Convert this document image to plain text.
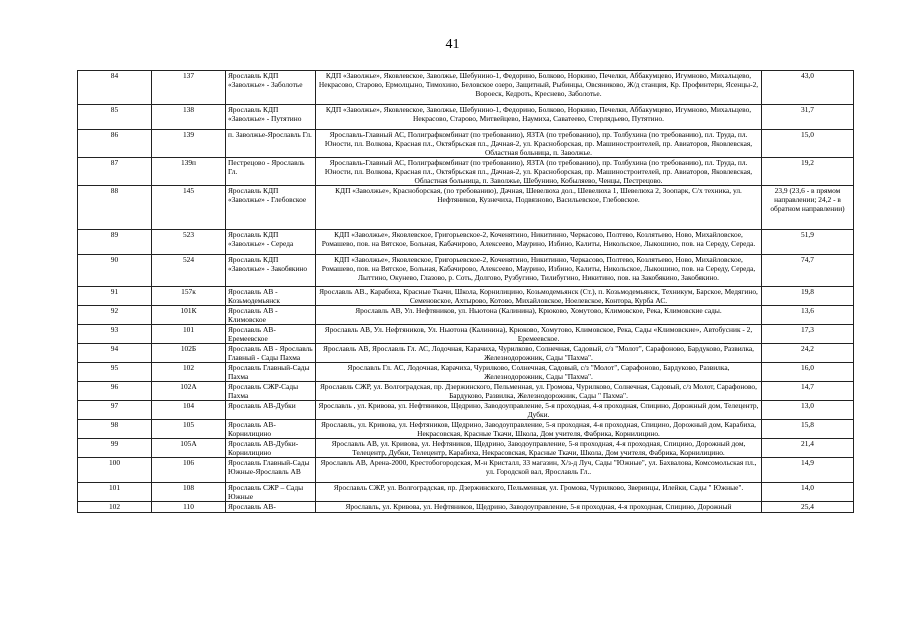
41
84	137	Ярославль КДП «Заволжье» - Заболотье	КДП «Заволжье», Яковлевское, Заволжье, Шебунино-1, Федорино, Болково, Норкино, Печелки, Аббакумцево, Игумново, Михальцево, Некрасово, Старово, Ермолцыно, Тимохино, Беловское озеро, Защитный, Рыбинцы, Овсяниково, Ж/д станция, Кр. Профинтерн, Ясенцы-2, Вороеск, Кедроть, Креснево, Заболотье.	43,0
85	138	Ярославль КДП «Заволжье» - Путятино	КДП «Заволжье», Яковлевское, Заволжье, Шебунино-1, Федорино, Болково, Норкино, Печелки, Аббакумцево, Игумново, Михальцево, Некрасово, Старово, Митвейцево, Наумиха, Саватеево, Стерлядьево, Путятино.	31,7
86	139	п. Заволжье-Ярославль Гл.	Ярославль-Главный АС, Полиграфкомбинат (по требованию), ЯЗТА (по требованию), пр. Толбухина (по требованию), пл. Труда, пл. Юности, пл. Волкова, Красная пл., Октябрьская пл., Дачная-2, ул. Красноборская, пр. Машиностроителей, пр. Авиаторов, Яковлевская, Областная больница, п. Заволжье.	15,0
87	139п	Пестрецово - Ярославль Гл.	Ярославль-Главный АС, Полиграфкомбинат (по требованию), ЯЗТА (по требованию), пр. Толбухина (по требованию), пл. Труда, пл. Юности, пл. Волкова, Красная пл., Октябрьская пл., Дачная-2, ул. Красноборская, пр. Машиностроителей, пр. Авиаторов, Яковлевская, Областная больница, п. Заволжье, Шебунино, Кобыляево, Ченцы, Пестрецово.	19,2
88	145	Ярославль КДП «Заволжье» - Глебовское	КДП «Заволжье», Красноборская, (по требованию), Дачная, Шевелюха дол., Шевелюха 1, Шевелюха 2, Зоопарк, С/х техника, ул. Нефтяников, Кузнечиха, Подвязново, Васильевское, Глебовское.	23,9 (23,6 - в прямом направлении; 24,2 - в обратном направлении)
89	523	Ярославль КДП «Заволжье» - Середа	КДП «Заволжье», Яковлевское, Григорьевское-2, Коченятино, Никитинно, Черкасово, Полтево, Козлятьево, Ново, Михайловское, Ромашево, пов. на Вятское, Больная, Кабачирово, Алексеево, Маурино, Избино, Калиты, Никольское, Лыкошино, пов. на Середу, Середа.	51,9
90	524	Ярославль КДП «Заволжье» - Закобякино	КДП «Заволжье», Яковлевское, Григорьевское-2, Коченятино, Никитинно, Черкасово, Полтево, Козлятьево, Ново, Михайловское, Ромашево, пов. на Вятское, Больная, Кабачирово, Алексеево, Маурино, Избино, Калиты, Никольское, Лыкошино, пов. на Середу, Середа, Лыттино, Окунево, Глазово, р. Соть, Долгово, Рузбугино, Тилибугино, Никитино, пов. на Закобякино, Закобякино.	74,7
91	157к	Ярославль АВ - Козьмодемьянск	Ярославль АВ., Карабиха, Красные Ткачи, Школа, Корнилицино, Козьмодемьянск (Ст.), п. Козьмодемьянск, Техникум, Барское, Медягино, Семеновское, Ахтырово, Котово, Михайловское, Ноелевское, Контора, Курба АС.	19,8
92	101К	Ярославль АВ - Климовское	Ярославль АВ, Ул. Нефтяников, ул. Ньютона (Калинина), Крюково, Хомутово, Климовское, Река, Климовские сады.	13,6
93	101	Ярославль АВ-Еремеевское	Ярославль АВ, Ул. Нефтяников, Ул. Ньютона (Калинина), Крюково, Хомутово, Климовское, Река, Сады «Климовские», Автобусник - 2, Еремеевское.	17,3
94	102Б	Ярославль АВ - Ярославль Главный - Сады Пахма	Ярославль АВ, Ярославль Гл. АС, Лодочная, Карачиха, Чурилково, Солнечная, Садовый, с/з "Молот", Сарафоново, Бардуково, Развилка, Железнодорожник, Сады "Пахма".	24,2
95	102	Ярославль Главный-Сады Пахма	Ярославль Гл. АС, Лодочная, Карачиха, Чурилково, Солнечная, Садовый, с/з "Молот", Сарафоново, Бардуково, Развилка, Железнодорожник, Сады "Пахма".	16,0
96	102А	Ярославль СЖР-Сады Пахма	Ярославль СЖР, ул. Волгоградская, пр. Дзержинского, Пельменная, ул. Громова, Чурилково, Солнечная, Садовый, с/з Молот, Сарафоново, Бардуково, Развилка, Железнодорожник, Сады " Пахма".	14,7
97	104	Ярославль АВ-Дубки	Ярославль , ул. Кривова, ул. Нефтяников, Щедрино, Заводоуправление, 5-я проходная, 4-я проходная, Спицино, Дорожный дом, Телецентр, Дубки.	13,0
98	105	Ярославль АВ-Корнилицино	Ярославль, ул. Кривова, ул. Нефтяников, Щедрино, Заводоуправление, 5-я проходная, 4-я проходная, Спицино, Дорожный дом, Карабиха, Некрасовская, Красные Ткачи, Школа, Дом учителя, Фабрика, Корнилицино.	15,8
99	105А	Ярославль АВ-Дубки-Корнилицино	Ярославль АВ, ул. Кривова, ул. Нефтяников, Щедрино, Заводоуправление, 5-я проходная, 4-я проходная, Спицино, Дорожный дом, Телецентр, Дубки, Телецентр, Карабиха, Некрасовская, Красные Ткачи, Школа, Дом учителя, Фабрика, Корнилицино.	21,4
100	106	Ярославль Главный-Сады Южные-Ярославль АВ	Ярославль АВ, Арена-2000, Крестобогородская, М-н Кристалл, 33 магазин, Х/з-д Луч, Сады "Южные", ул. Бахвалова, Комсомольская пл., ул. Городской вал, Ярославль Гл..	14,9
101	108	Ярославль СЖР – Сады Южные	Ярославль СЖР, ул. Волгоградская, пр. Дзержинского, Пельменная, ул. Громова, Чурилково, Зверинцы, Илейки, Сады " Южные".	14,0
102	110	Ярославль АВ-	Ярославль, ул. Кривова, ул. Нефтяников, Щедрино, Заводоуправление, 5-я проходная, 4-я проходная, Спицино, Дорожный	25,4
